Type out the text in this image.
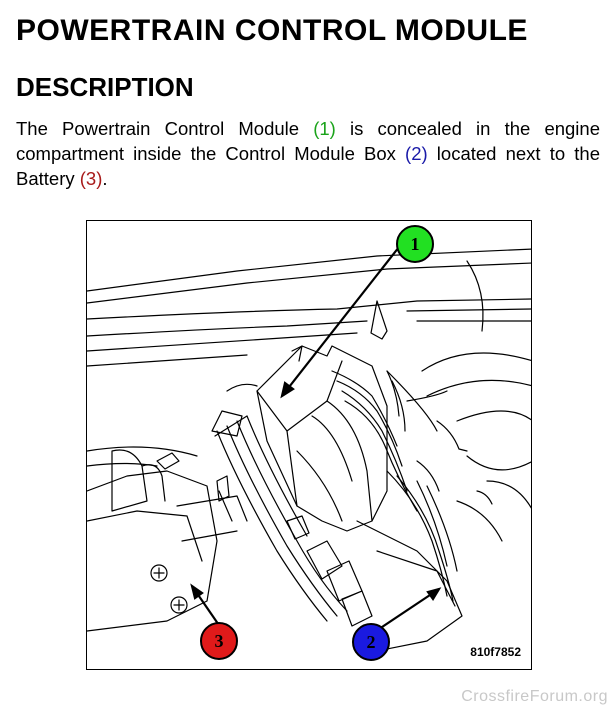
POWERTRAIN CONTROL MODULE
DESCRIPTION
The Powertrain Control Module (1) is concealed in the engine compartment inside the Control Module Box (2) located next to the Battery (3).
1
3	2	810f7852
CrossfireForum.org
